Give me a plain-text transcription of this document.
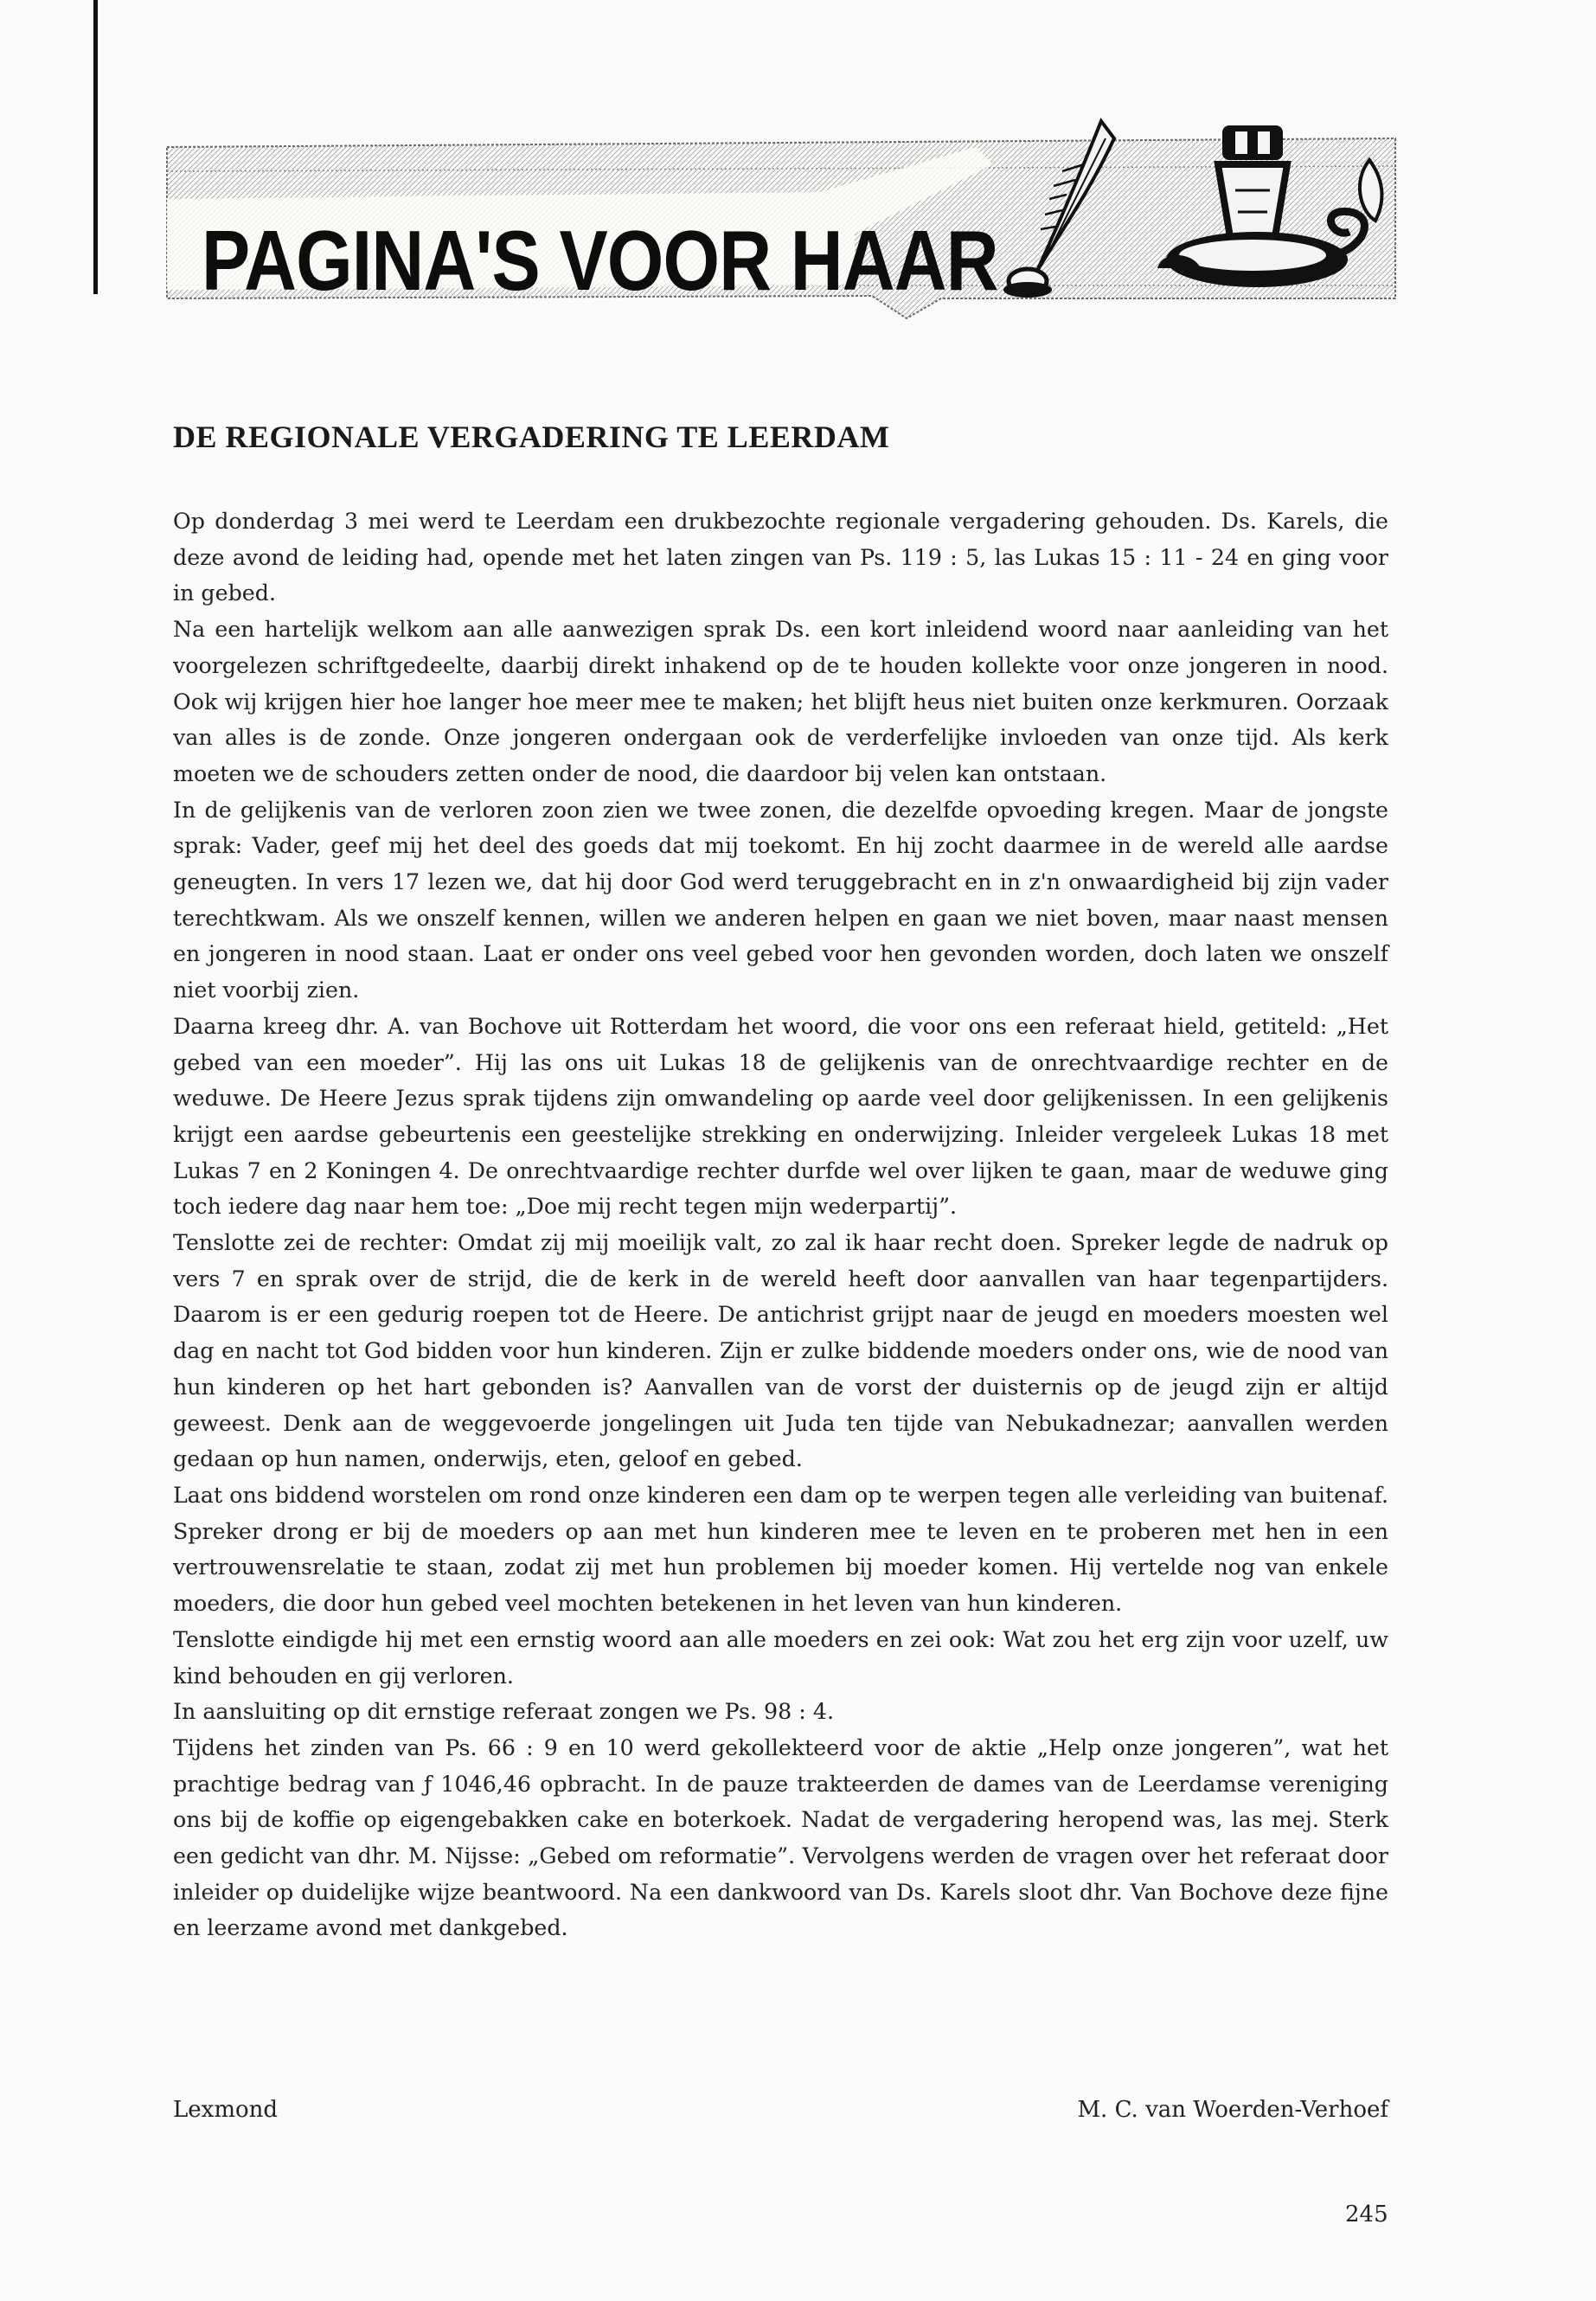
PAGINA'S VOOR HAAR
DE REGIONALE VERGADERING TE LEERDAM

Op donderdag 3 mei werd te Leerdam een drukbezochte regionale vergadering gehouden. Ds. Karels, die deze avond de leiding had, opende met het laten zingen van Ps. 119 : 5, las Lukas 15 : 11 - 24 en ging voor in gebed.

Na een hartelijk welkom aan alle aanwezigen sprak Ds. een kort inleidend woord naar aanleiding van het voorgelezen schriftgedeelte, daarbij direkt inhakend op de te houden kollekte voor onze jongeren in nood. Ook wij krijgen hier hoe langer hoe meer mee te maken; het blijft heus niet buiten onze kerkmuren. Oorzaak van alles is de zonde. Onze jongeren ondergaan ook de verderfelijke invloeden van onze tijd. Als kerk moeten we de schouders zetten onder de nood, die daardoor bij velen kan ontstaan.

In de gelijkenis van de verloren zoon zien we twee zonen, die dezelfde opvoeding kregen. Maar de jongste sprak: Vader, geef mij het deel des goeds dat mij toekomt. En hij zocht daarmee in de wereld alle aardse geneugten. In vers 17 lezen we, dat hij door God werd teruggebracht en in z'n onwaardigheid bij zijn vader terechtkwam. Als we onszelf kennen, willen we anderen helpen en gaan we niet boven, maar naast mensen en jongeren in nood staan. Laat er onder ons veel gebed voor hen gevonden worden, doch laten we onszelf niet voorbij zien.

Daarna kreeg dhr. A. van Bochove uit Rotterdam het woord, die voor ons een referaat hield, getiteld: „Het gebed van een moeder”. Hij las ons uit Lukas 18 de gelijkenis van de onrechtvaardige rechter en de weduwe. De Heere Jezus sprak tijdens zijn omwandeling op aarde veel door gelijkenissen. In een gelijkenis krijgt een aardse gebeurtenis een geestelijke strekking en onderwijzing. Inleider vergeleek Lukas 18 met Lukas 7 en 2 Koningen 4. De onrechtvaardige rechter durfde wel over lijken te gaan, maar de weduwe ging toch iedere dag naar hem toe: „Doe mij recht tegen mijn wederpartij”.

Tenslotte zei de rechter: Omdat zij mij moeilijk valt, zo zal ik haar recht doen. Spreker legde de nadruk op vers 7 en sprak over de strijd, die de kerk in de wereld heeft door aanvallen van haar tegenpartijders. Daarom is er een gedurig roepen tot de Heere. De antichrist grijpt naar de jeugd en moeders moesten wel dag en nacht tot God bidden voor hun kinderen. Zijn er zulke biddende moeders onder ons, wie de nood van hun kinderen op het hart gebonden is? Aanvallen van de vorst der duisternis op de jeugd zijn er altijd geweest. Denk aan de weggevoerde jongelingen uit Juda ten tijde van Nebukadnezar; aanvallen werden gedaan op hun namen, onderwijs, eten, geloof en gebed.

Laat ons biddend worstelen om rond onze kinderen een dam op te werpen tegen alle verleiding van buitenaf. Spreker drong er bij de moeders op aan met hun kinderen mee te leven en te proberen met hen in een vertrouwensrelatie te staan, zodat zij met hun problemen bij moeder komen. Hij vertelde nog van enkele moeders, die door hun gebed veel mochten betekenen in het leven van hun kinderen.

Tenslotte eindigde hij met een ernstig woord aan alle moeders en zei ook: Wat zou het erg zijn voor uzelf, uw kind behouden en gij verloren.

In aansluiting op dit ernstige referaat zongen we Ps. 98 : 4.

Tijdens het zinden van Ps. 66 : 9 en 10 werd gekollekteerd voor de aktie „Help onze jongeren”, wat het prachtige bedrag van ƒ 1046,46 opbracht. In de pauze trakteerden de dames van de Leerdamse vereniging ons bij de koffie op eigengebakken cake en boterkoek. Nadat de vergadering heropend was, las mej. Sterk een gedicht van dhr. M. Nijsse: „Gebed om reformatie”. Vervolgens werden de vragen over het referaat door inleider op duidelijke wijze beantwoord. Na een dankwoord van Ds. Karels sloot dhr. Van Bochove deze fijne en leerzame avond met dankgebed.

Lexmond	M. C. van Woerden-Verhoef
245
